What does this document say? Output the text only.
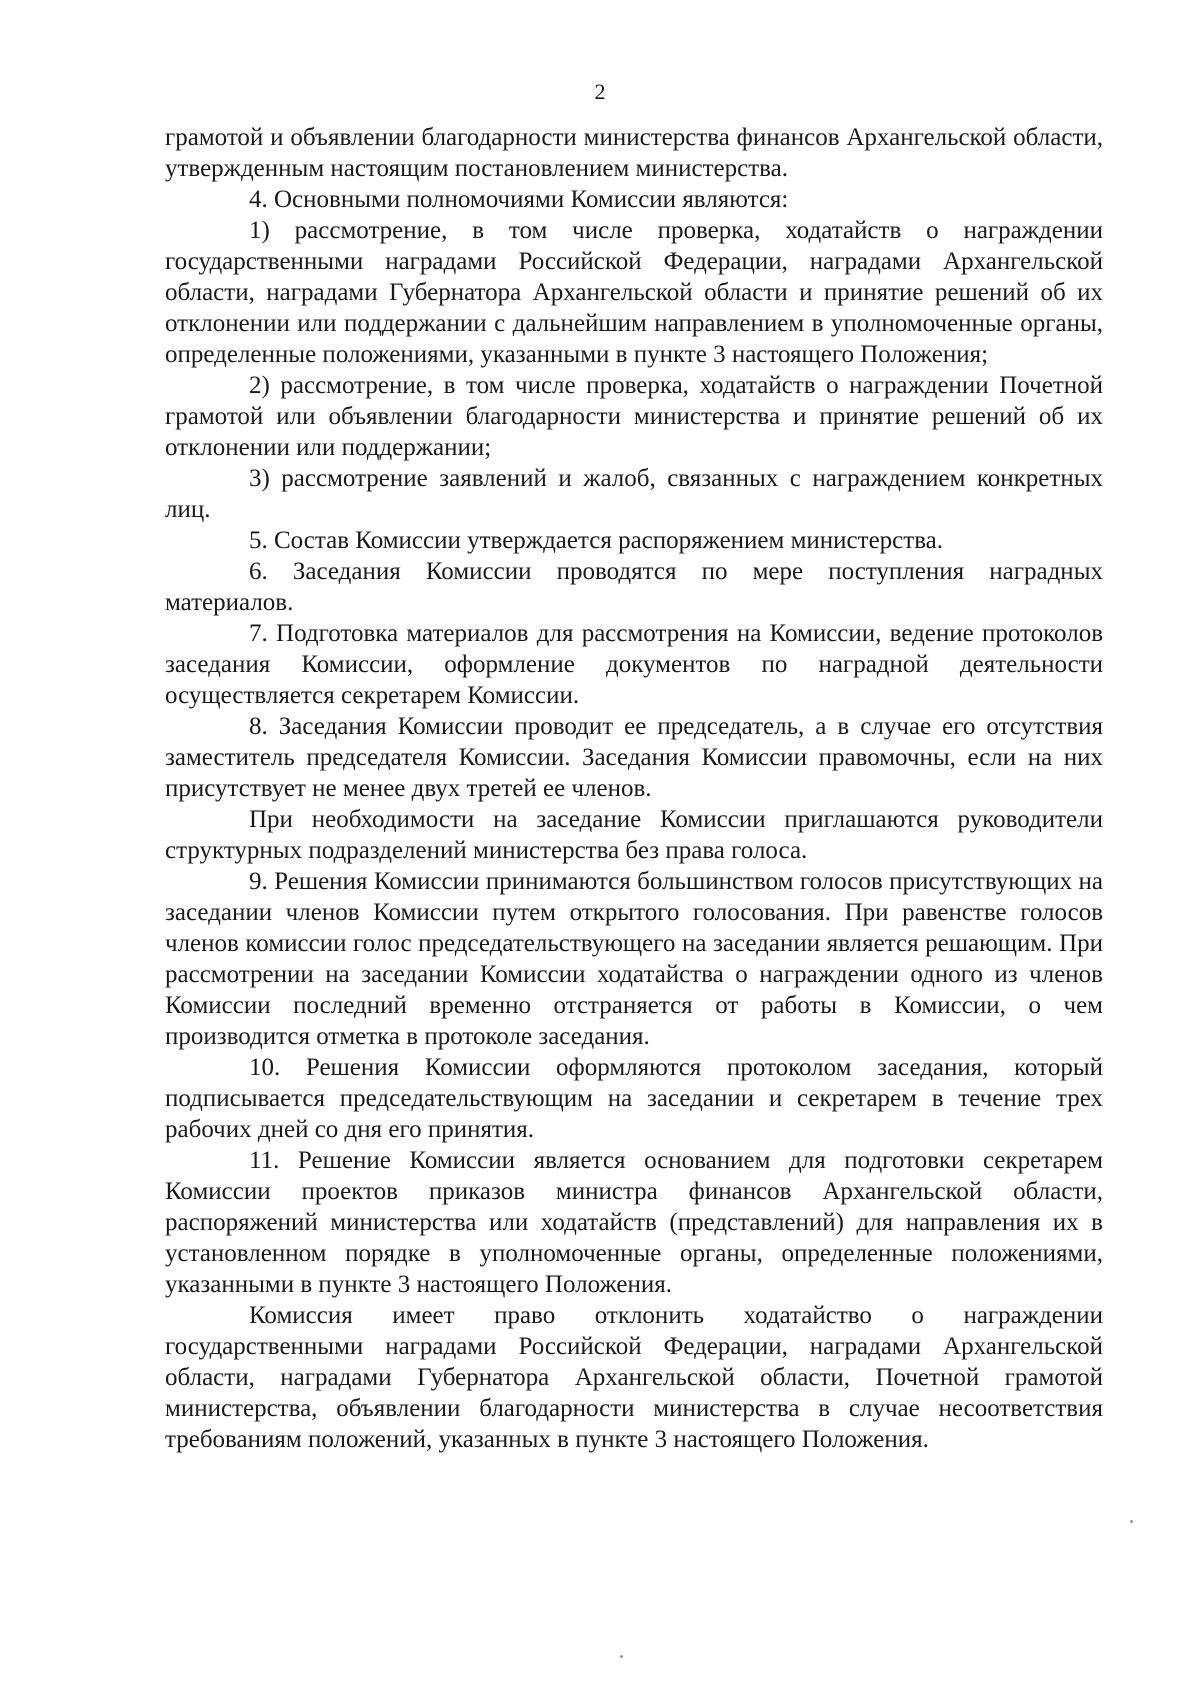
2

грамотой и объявлении благодарности министерства финансов Архангельской области, утвержденным настоящим постановлением министерства.

4. Основными полномочиями Комиссии являются:

1) рассмотрение, в том числе проверка, ходатайств о награждении государственными наградами Российской Федерации, наградами Архангельской области, наградами Губернатора Архангельской области и принятие решений об их отклонении или поддержании с дальнейшим направлением в уполномоченные органы, определенные положениями, указанными в пункте 3 настоящего Положения;

2) рассмотрение, в том числе проверка, ходатайств о награждении Почетной грамотой или объявлении благодарности министерства и принятие решений об их отклонении или поддержании;

3) рассмотрение заявлений и жалоб, связанных с награждением конкретных лиц.

5. Состав Комиссии утверждается распоряжением министерства.

6. Заседания Комиссии проводятся по мере поступления наградных материалов.

7. Подготовка материалов для рассмотрения на Комиссии, ведение протоколов заседания Комиссии, оформление документов по наградной деятельности осуществляется секретарем Комиссии.

8. Заседания Комиссии проводит ее председатель, а в случае его отсутствия заместитель председателя Комиссии. Заседания Комиссии правомочны, если на них присутствует не менее двух третей ее членов.

При необходимости на заседание Комиссии приглашаются руководители структурных подразделений министерства без права голоса.

9. Решения Комиссии принимаются большинством голосов присутствующих на заседании членов Комиссии путем открытого голосования. При равенстве голосов членов комиссии голос председательствующего на заседании является решающим. При рассмотрении на заседании Комиссии ходатайства о награждении одного из членов Комиссии последний временно отстраняется от работы в Комиссии, о чем производится отметка в протоколе заседания.

10. Решения Комиссии оформляются протоколом заседания, который подписывается председательствующим на заседании и секретарем в течение трех рабочих дней со дня его принятия.

11. Решение Комиссии является основанием для подготовки секретарем Комиссии проектов приказов министра финансов Архангельской области, распоряжений министерства или ходатайств (представлений) для направления их в установленном порядке в уполномоченные органы, определенные положениями, указанными в пункте 3 настоящего Положения.

Комиссия имеет право отклонить ходатайство о награждении государственными наградами Российской Федерации, наградами Архангельской области, наградами Губернатора Архангельской области, Почетной грамотой министерства, объявлении благодарности министерства в случае несоответствия требованиям положений, указанных в пункте 3 настоящего Положения.
